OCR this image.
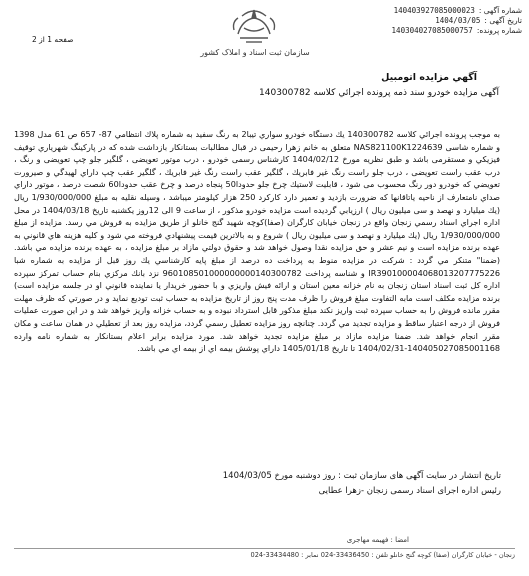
سازمان ثبت اسناد و املاک کشور
شماره آگهی :
140403927085000023
تاریخ آگهی :
1404/03/05
شماره پرونده:
140304027085000757
صفحه 1 از 2
آگهي مزايده اتومبيل
آگهی مزایده خودرو سند ذمه پرونده اجرائي کلاسه 140300782
به موجب پرونده اجرائي كلاسه 140300782 يك دستگاه خودرو سواري تيبا2 به رنگ سفید به شماره پلاك انتظامي 87- 657 ص 61 مدل 1398 و شماره شاسی NAS821100K1224639 متعلق به خانم زهرا رحیمی در قبال مطالبات بستانكار بازداشت شده كه در پاركينگ شهرياري توقيف فيزيكي و مستقرمی باشد و طبق نظريه مورخ 1404/02/12 كارشناس رسمی خودرو ، درب موتور تعويضی ، گلگير جلو چپ تعويضی و رنگ ، درب عقب راست تعويضی ، درب جلو راست رنگ غیر فابريك ، گلگير عقب راست رنگ غير فابريك ، گلگير عقب چپ داراي لهيدگي و صيرورت تعويضي كه خودرو دور رنگ محسوب می شود ، قابليت لاستيك چرخ جلو حدودا50 پنجاه درصد و چرخ عقب حدودا60 شصت درصد ، موتور داراي صداي نامتعارف از ناحيه ياتاقانها كه ضرورت بازديد و تعمير دارد كاركرد 250 هزار كيلومتر ميباشد ، وسيله نقليه به مبلغ 1/930/000/000 ريال (يك ميليارد و نهصد و سی ميليون ريال ) ارزيابي گرديده است مزايده خودرو مذكور ، از ساعت 9 الی 12روز يكشنبه تاريخ 1404/03/18 در محل اداره اجراي اسناد رسمي زنجان واقع در زنجان خيابان كارگران (صفا)كوچه شهيد گنج خانلو از طريق مزايده به فروش مي رسد. مزايده از مبلغ 1/930/000/000 ريال (يك ميليارد و نهصد و سی ميليون ريال ) شروع و به بالاترين قيمت پيشنهادي فروخته مي شود و كليه هزينه هاي قانوني به عهده برنده مزايده است و نيم عشر و حق مزايده نقدا وصول خواهد شد و حقوق دولتي مازاد بر مبلغ مزايده ، به عهده برنده مزايده مي باشد. (ضمنا" متنكر مي گردد : شركت در مزايده منوط به پرداخت ده درصد از مبلغ پايه كارشناسي يك روز قبل از مزايده به شماره شبا IR390100004068013207775226 و شناسه پرداخت 960108501000000000140300782 نزد بانك مركزي بنام حساب تمركز سپرده اداره كل ثبت اسناد استان زنجان به نام خزانه معين استان و ارائه فيش واريزي و با حضور خريدار يا نماينده قانوني او در جلسه مزايده است) برنده مزايده مكلف است مابه التفاوت مبلغ فروش را ظرف مدت پنج روز از تاريخ مزايده به حساب ثبت تودیع نمايد و در صورتي كه ظرف مهلت مقرر مانده فروش را به حساب سپرده ثبت واريز نكند مبلغ مذكور قابل استرداد نبوده و به حساب خزانه واريز خواهد شد و در اين صورت عمليات فروش از درجه اعتبار ساقط و مزايده تجديد مي گردد. چنانچه روز مزايده تعطيل رسمي گردد، مزايده روز بعد از تعطيلي در همان ساعت و مكان مقرر انجام خواهد شد. ضمنا مزايده مازاد بر مبلغ مزايده تجديد خواهد شد. مورد مزايده برابر اعلام بستانكار به شماره نامه وارده 140405027085001168-1404/02/31 تا تاريخ 1405/01/18 داراي پوشش بيمه اي از بيمه اي مي باشد.
تاریخ انتشار در سایت آگهی های سازمان ثبت : روز دوشنبه مورخ 1404/03/05
رئیس اداره اجرای اسناد رسمی زنجان -زهرا عطایی
امضا : فهیمه مهاجری
زنجان - خیابان کارگران (صفا) کوچه گنج خانلو تلفن : 33436450-024 نمابر : 33434480-024
